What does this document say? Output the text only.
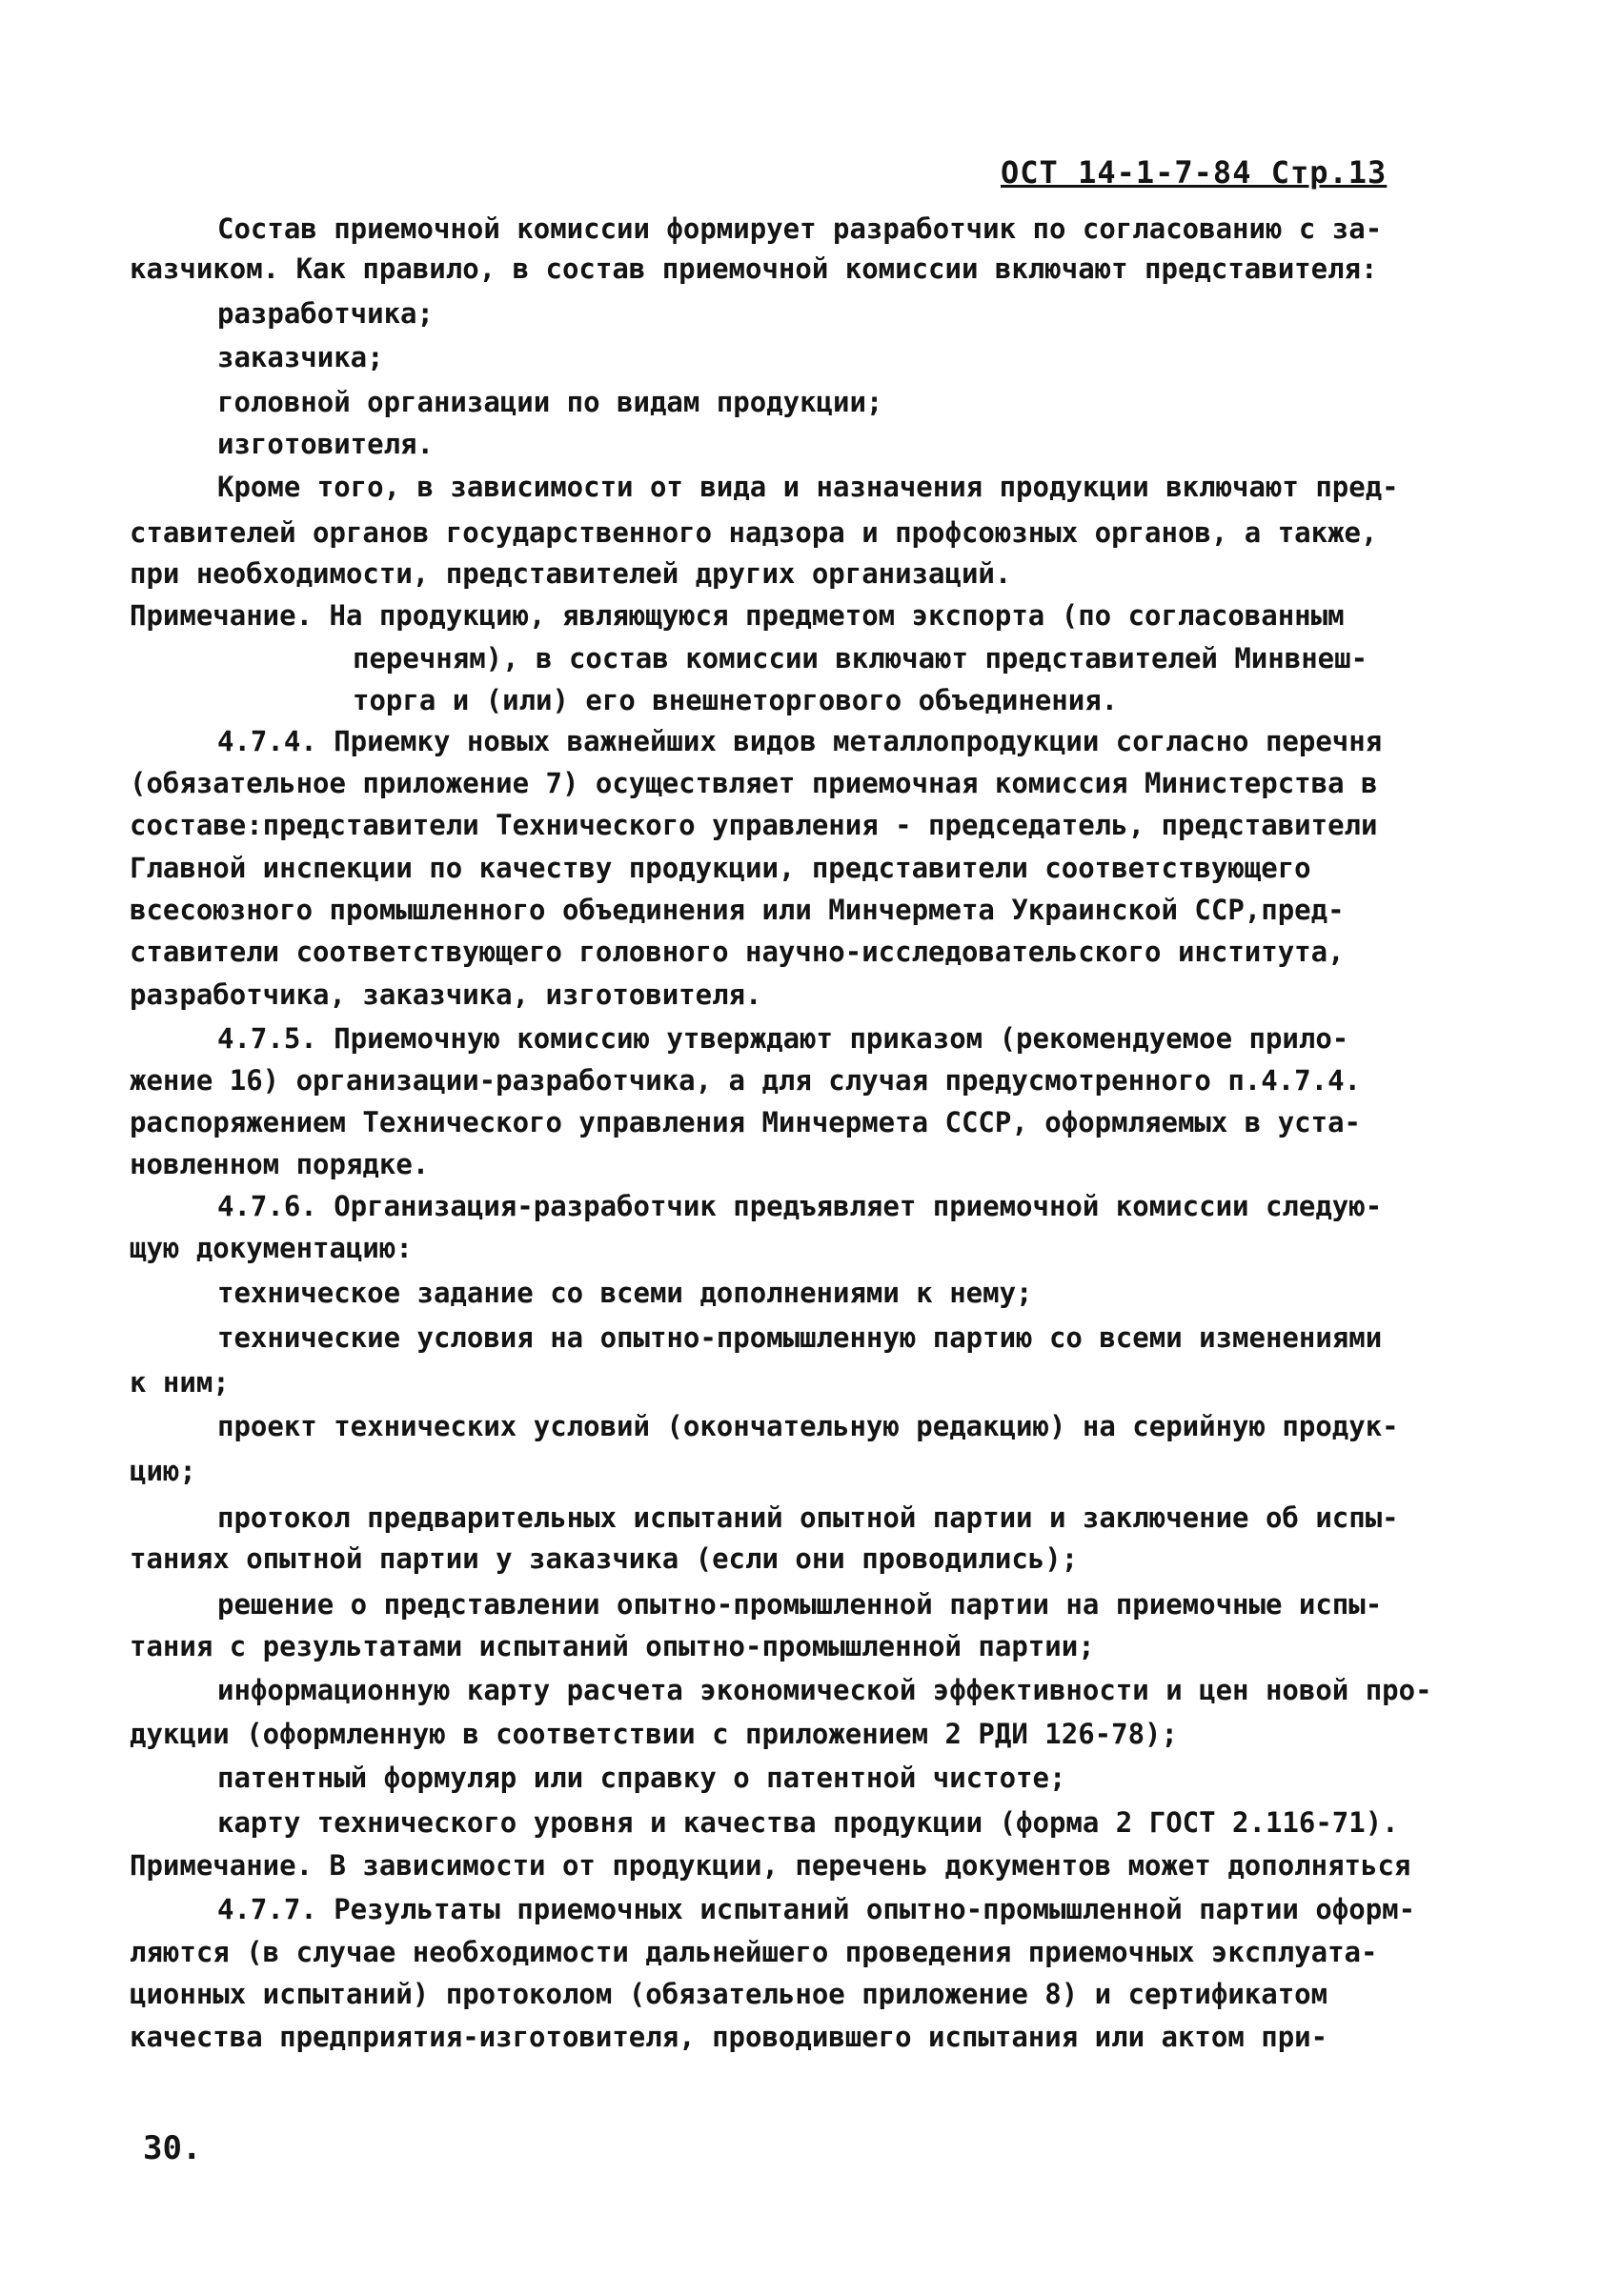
ОСТ 14-1-7-84 Стр.13
Состав приемочной комиссии формирует разработчик по согласованию с за-
казчиком. Как правило, в состав приемочной комиссии включают представителя:
разработчика;
заказчика;
головной организации по видам продукции;
изготовителя.
Кроме того, в зависимости от вида и назначения продукции включают пред-
ставителей органов государственного надзора и профсоюзных органов, а также,
при необходимости, представителей других организаций.
Примечание. На продукцию, являющуюся предметом экспорта (по согласованным
перечням), в состав комиссии включают представителей Минвнеш-
торга и (или) его внешнеторгового объединения.
4.7.4. Приемку новых важнейших видов металлопродукции согласно перечня
(обязательное приложение 7) осуществляет приемочная комиссия Министерства в
составе:представители Технического управления - председатель, представители
Главной инспекции по качеству продукции, представители соответствующего
всесоюзного промышленного объединения или Минчермета Украинской ССР,пред-
ставители соответствующего головного научно-исследовательского института,
разработчика, заказчика, изготовителя.
4.7.5. Приемочную комиссию утверждают приказом (рекомендуемое прило-
жение 16) организации-разработчика, а для случая предусмотренного п.4.7.4.
распоряжением Технического управления Минчермета СССР, оформляемых в уста-
новленном порядке.
4.7.6. Организация-разработчик предъявляет приемочной комиссии следую-
щую документацию:
техническое задание со всеми дополнениями к нему;
технические условия на опытно-промышленную партию со всеми изменениями
к ним;
проект технических условий (окончательную редакцию) на серийную продук-
цию;
протокол предварительных испытаний опытной партии и заключение об испы-
таниях опытной партии у заказчика (если они проводились);
решение о представлении опытно-промышленной партии на приемочные испы-
тания с результатами испытаний опытно-промышленной партии;
информационную карту расчета экономической эффективности и цен новой про-
дукции (оформленную в соответствии с приложением 2 РДИ 126-78);
патентный формуляр или справку о патентной чистоте;
карту технического уровня и качества продукции (форма 2 ГОСТ 2.116-71).
Примечание. В зависимости от продукции, перечень документов может дополняться
4.7.7. Результаты приемочных испытаний опытно-промышленной партии оформ-
ляются (в случае необходимости дальнейшего проведения приемочных эксплуата-
ционных испытаний) протоколом (обязательное приложение 8) и сертификатом
качества предприятия-изготовителя, проводившего испытания или актом при-
30.
